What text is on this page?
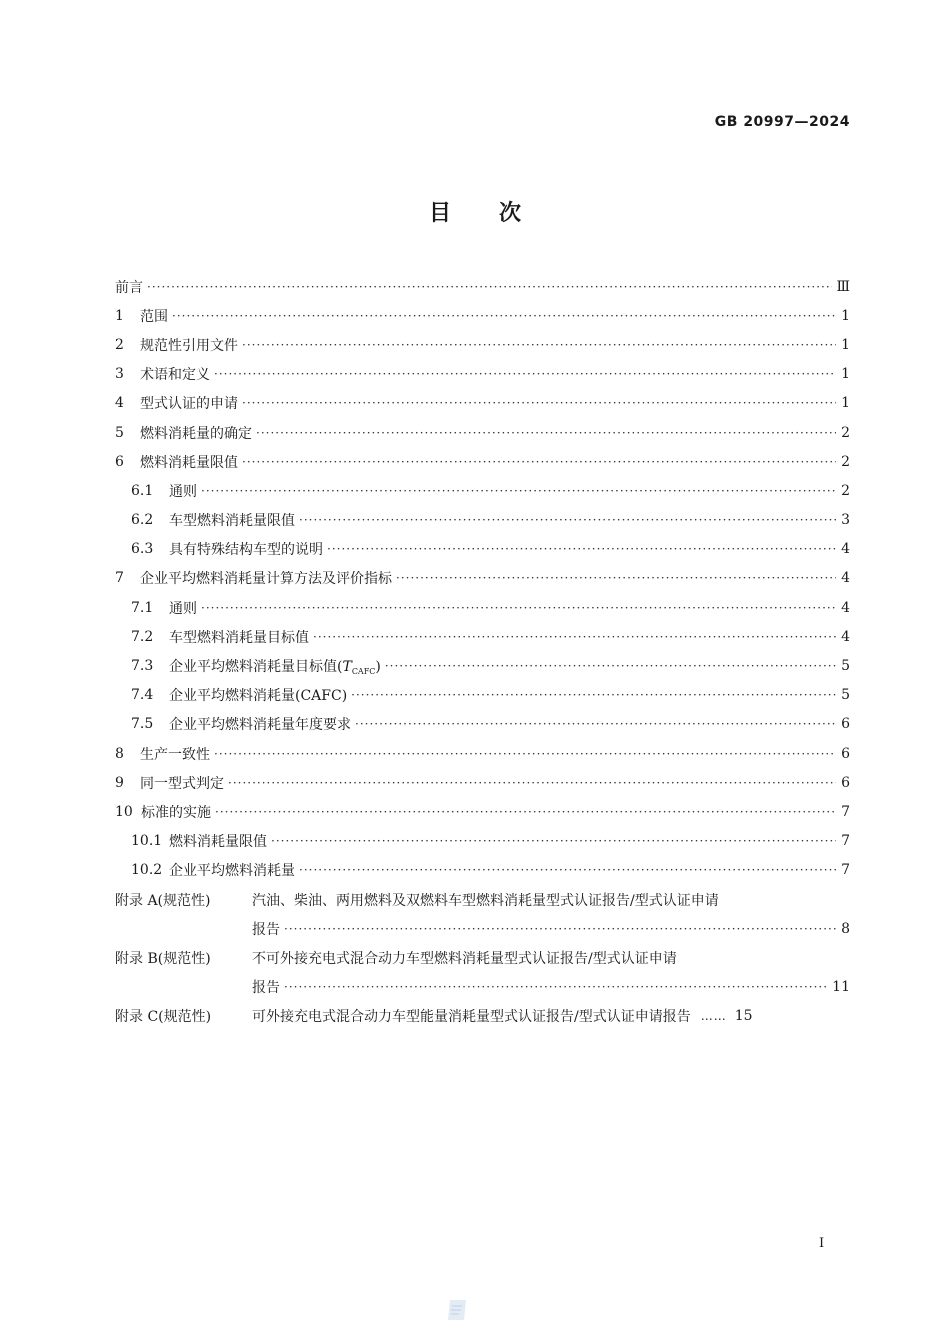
GB 20997—2024
目 次
前言 ·····	Ⅲ
1	范围 ·····	1
2	规范性引用文件 ·····	1
3	术语和定义 ·····	1
4	型式认证的申请 ·····	1
5	燃料消耗量的确定 ·····	2
6	燃料消耗量限值 ·····	2
6.1	通则 ·····	2
6.2	车型燃料消耗量限值 ·····	3
6.3	具有特殊结构车型的说明 ·····	4
7	企业平均燃料消耗量计算方法及评价指标 ·····	4
7.1	通则 ·····	4
7.2	车型燃料消耗量目标值 ·····	4
7.3	企业平均燃料消耗量目标值$(T_{CAFC})$ ·····	5
7.4	企业平均燃料消耗量(CAFC) ·····	5
7.5	企业平均燃料消耗量年度要求 ·····	6
8	生产一致性 ·····	6
9	同一型式判定 ·····	6
10 标准的实施 ·····	7
10.1 燃料消耗量限值 ·····	7
10.2 企业平均燃料消耗量 ·····	7
附录 A(规范性)	汽油、柴油、两用燃料及双燃料车型燃料消耗量型式认证报告/型式认证申请
报告 ·····	8
附录 B(规范性)	不可外接充电式混合动力车型燃料消耗量型式认证报告/型式认证申请
报告 ·····	11
附录 C(规范性)	可外接充电式混合动力车型能量消耗量型式认证报告/型式认证申请报告 …… 15
Ⅰ
